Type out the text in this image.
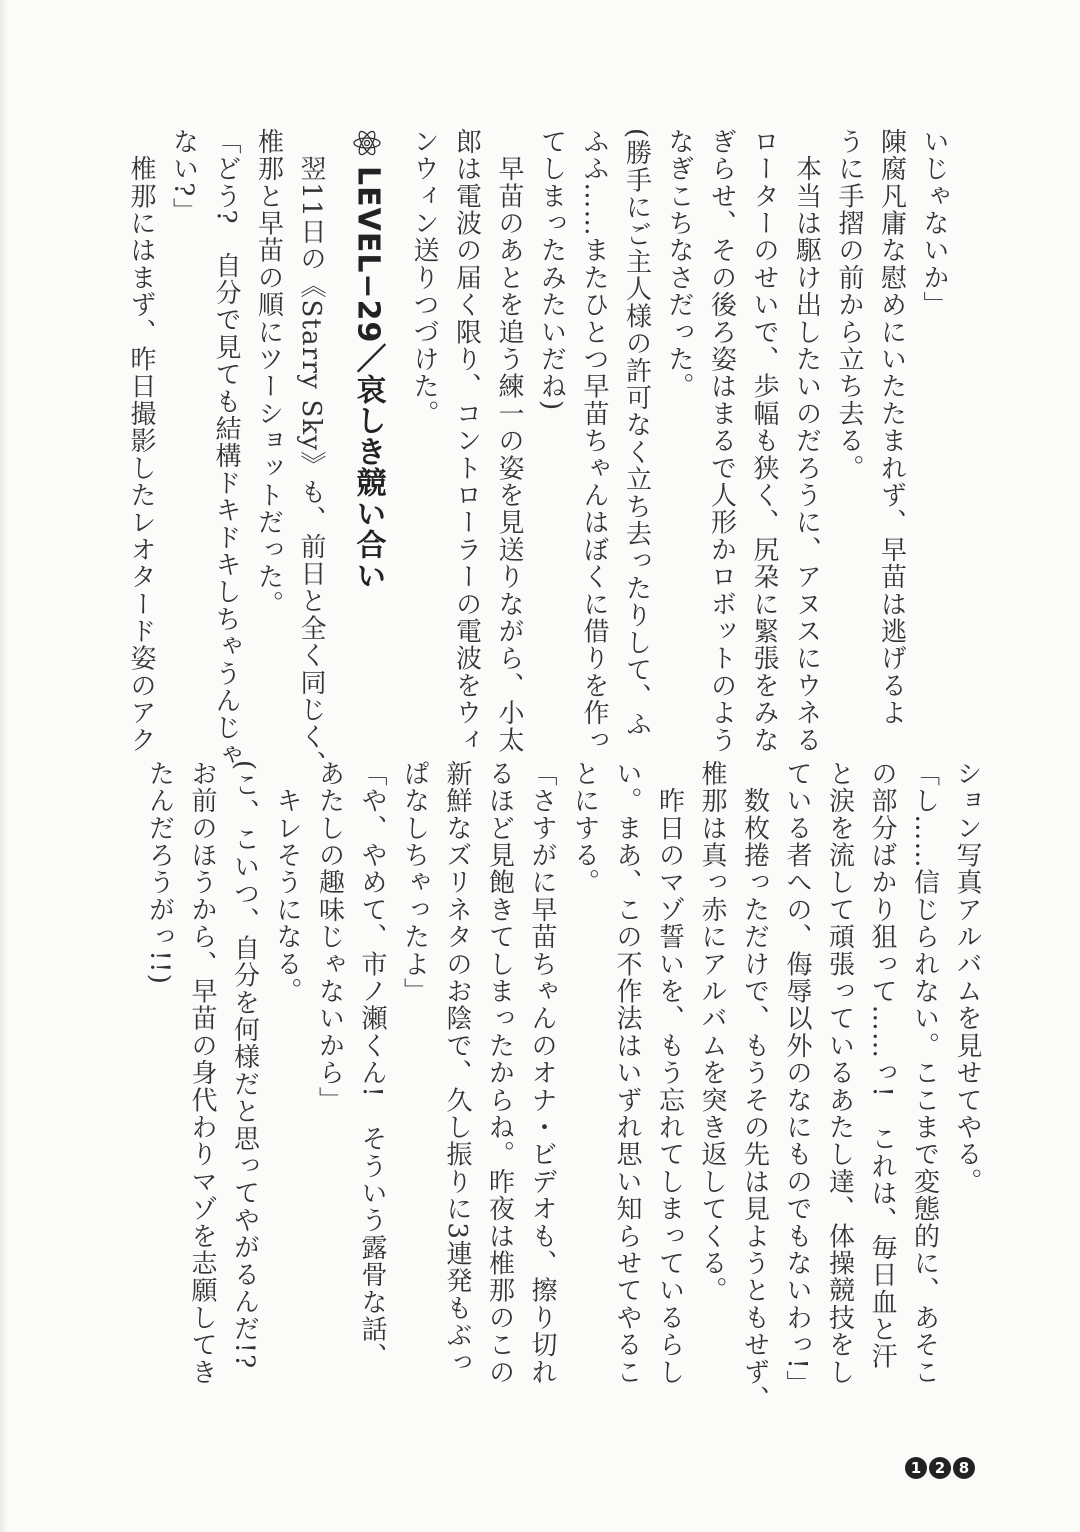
いじゃないか」

陳腐凡庸な慰めにいたたまれず、早苗は逃げるよ

うに手摺の前から立ち去る。

　本当は駆け出したいのだろうに、アヌスにウネる

ローターのせいで、歩幅も狭く、尻朶に緊張をみな

ぎらせ、その後ろ姿はまるで人形かロボットのよう

なぎこちなさだった。

(勝手にご主人様の許可なく立ち去ったりして、ふ

ふふ……またひとつ早苗ちゃんはぼくに借りを作っ

てしまったみたいだね)

　早苗のあとを追う練一の姿を見送りながら、小太

郎は電波の届く限り、コントローラーの電波をウィ

ンウィン送りつづけた。

LEVEL−29／哀しき競い合い

　翌11日の《Starry Sky》も、前日と全く同じく、

椎那と早苗の順にツーショットだった。

「どう?　自分で見ても結構ドキドキしちゃうんじゃ

ない?」

　椎那にはまず、昨日撮影したレオタード姿のアク

ション写真アルバムを見せてやる。

「し……信じられない。ここまで変態的に、あそこ

の部分ばかり狙って……っ!　これは、毎日血と汗

と涙を流して頑張っているあたし達、体操競技をし

ている者への、侮辱以外のなにものでもないわっ!」

　数枚捲っただけで、もうその先は見ようともせず、

椎那は真っ赤にアルバムを突き返してくる。

　昨日のマゾ誓いを、もう忘れてしまっているらし

い。まあ、この不作法はいずれ思い知らせてやるこ

とにする。

「さすがに早苗ちゃんのオナ・ビデオも、擦り切れ

るほど見飽きてしまったからね。昨夜は椎那のこの

新鮮なズリネタのお陰で、久し振りに3連発もぶっ

ぱなしちゃったよ」

「や、やめて、市ノ瀬くん!　そういう露骨な話、

あたしの趣味じゃないから」

　キレそうになる。

(こ、こいつ、自分を何様だと思ってやがるんだ!?

お前のほうから、早苗の身代わりマゾを志願してき

たんだろうがっ!!)

1 2 8
